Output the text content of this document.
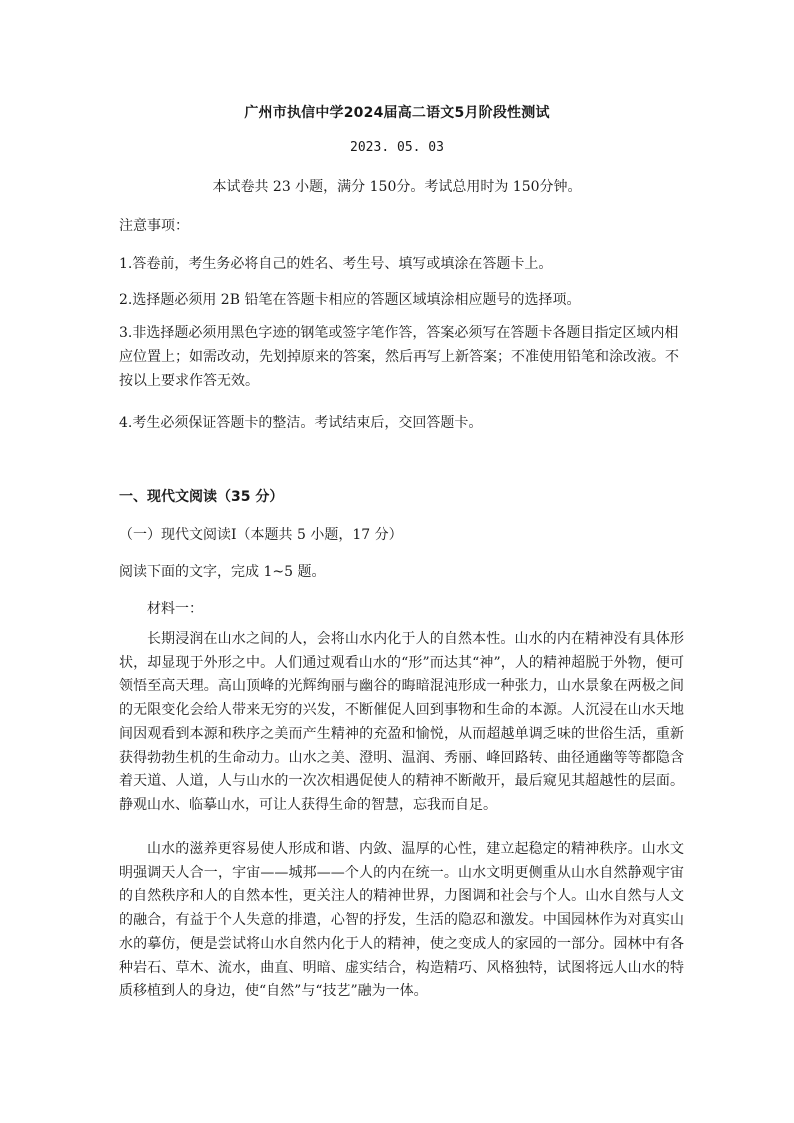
广州市执信中学2024届高二语文5月阶段性测试
2023. 05. 03
本试卷共 23 小题，满分 150分。考试总用时为 150分钟。
注意事项：
1.答卷前，考生务必将自己的姓名、考生号、填写或填涂在答题卡上。
2.选择题必须用 2B 铅笔在答题卡相应的答题区域填涂相应题号的选择项。
3.非选择题必须用黑色字迹的钢笔或签字笔作答，答案必须写在答题卡各题目指定区域内相应位置上；如需改动，先划掉原来的答案，然后再写上新答案；不准使用铅笔和涂改液。不按以上要求作答无效。
4.考生必须保证答题卡的整洁。考试结束后，交回答题卡。
一、现代文阅读（35 分）
（一）现代文阅读Ⅰ（本题共 5 小题，17 分）
阅读下面的文字，完成 1~5 题。
材料一：
长期浸润在山水之间的人，会将山水内化于人的自然本性。山水的内在精神没有具体形状，却显现于外形之中。人们通过观看山水的“形”而达其“神”，人的精神超脱于外物，便可领悟至高天理。高山顶峰的光辉绚丽与幽谷的晦暗混沌形成一种张力，山水景象在两极之间的无限变化会给人带来无穷的兴发，不断催促人回到事物和生命的本源。人沉浸在山水天地间因观看到本源和秩序之美而产生精神的充盈和愉悦，从而超越单调乏味的世俗生活，重新获得勃勃生机的生命动力。山水之美、澄明、温润、秀丽、峰回路转、曲径通幽等等都隐含着天道、人道，人与山水的一次次相遇促使人的精神不断敞开，最后窥见其超越性的层面。静观山水、临摹山水，可让人获得生命的智慧，忘我而自足。
山水的滋养更容易使人形成和谐、内敛、温厚的心性，建立起稳定的精神秩序。山水文明强调天人合一，宇宙——城邦——个人的内在统一。山水文明更侧重从山水自然静观宇宙的自然秩序和人的自然本性，更关注人的精神世界，力图调和社会与个人。山水自然与人文的融合，有益于个人失意的排遣，心智的抒发，生活的隐忍和激发。中国园林作为对真实山水的摹仿，便是尝试将山水自然内化于人的精神，使之变成人的家园的一部分。园林中有各种岩石、草木、流水，曲直、明暗、虚实结合，构造精巧、风格独特，试图将远人山水的特质移植到人的身边，使“自然”与“技艺”融为一体。
